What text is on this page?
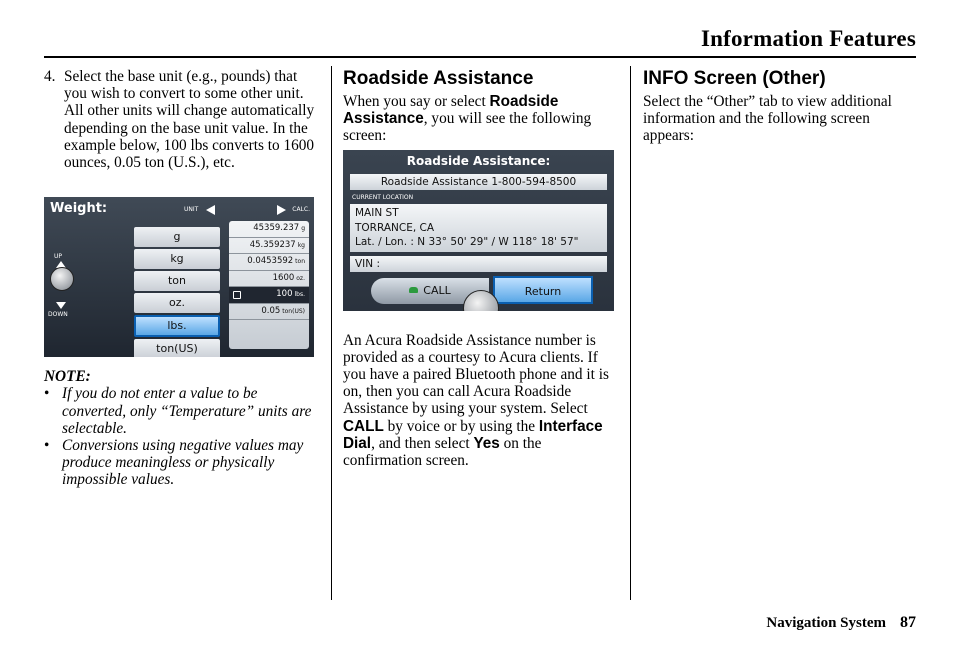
Information Features
4. Select the base unit (e.g., pounds) that you wish to convert to some other unit. All other units will change automatically depending on the base unit value. In the example below, 100 lbs converts to 1600 ounces, 0.05 ton (U.S.), etc.
NOTE:
• If you do not enter a value to be converted, only “Temperature” units are selectable.
• Conversions using negative values may produce meaningless or physically impossible values.
Weight:	UNIT	CALC.
UP
DOWN
g
kg
ton
oz.
lbs.
ton(US)
45359.237 g
45.359237 kg
0.0453592 ton
1600 oz.
100 lbs.
0.05 ton(US)
Roadside Assistance

When you say or select Roadside Assistance, you will see the following screen:

An Acura Roadside Assistance number is provided as a courtesy to Acura clients. If you have a paired Bluetooth phone and it is on, then you can call Acura Roadside Assistance by using your system. Select CALL by voice or by using the Interface Dial, and then select Yes on the confirmation screen.

Roadside Assistance:
Roadside Assistance 1-800-594-8500
CURRENT LOCATION
MAIN ST
TORRANCE, CA
Lat. / Lon. : N 33° 50' 29" / W 118° 18' 57"
VIN :
CALL	Return
INFO Screen (Other)

Select the “Other” tab to view additional information and the following screen appears:

Navigation System 87
